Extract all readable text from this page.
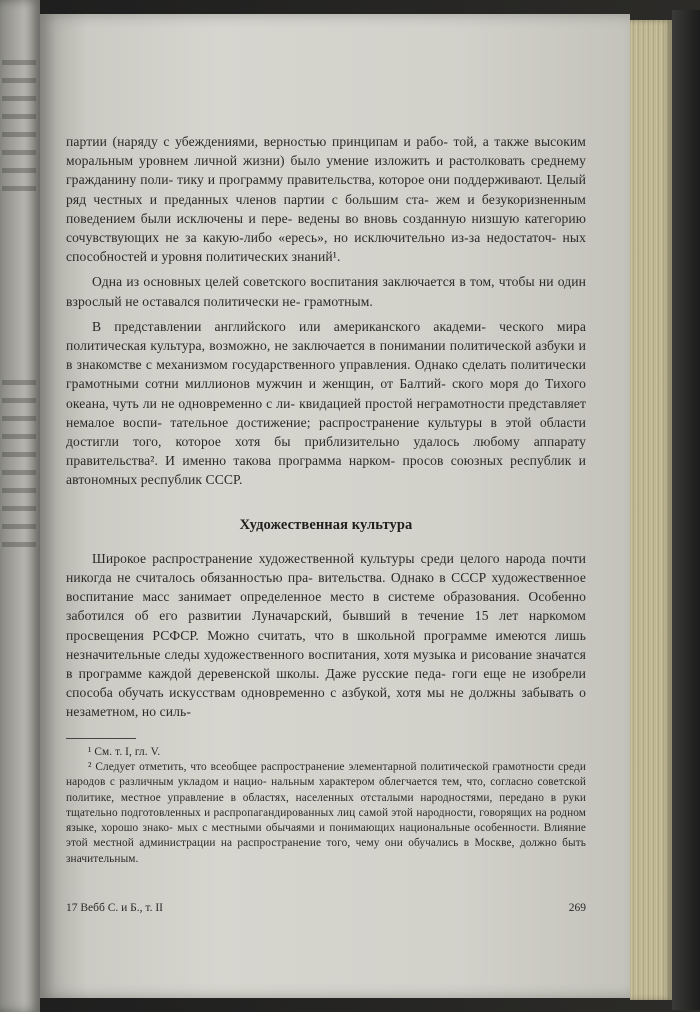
партии (наряду с убеждениями, верностью принципам и рабо- той, а также высоким моральным уровнем личной жизни) было умение изложить и растолковать среднему гражданину поли- тику и программу правительства, которое они поддерживают. Целый ряд честных и преданных членов партии с большим ста- жем и безукоризненным поведением были исключены и пере- ведены во вновь созданную низшую категорию сочувствующих не за какую-либо «ересь», но исключительно из-за недостаточ- ных способностей и уровня политических знаний¹.

Одна из основных целей советского воспитания заключается в том, чтобы ни один взрослый не оставался политически не- грамотным.

В представлении английского или американского академи- ческого мира политическая культура, возможно, не заключается в понимании политической азбуки и в знакомстве с механизмом государственного управления. Однако сделать политически грамотными сотни миллионов мужчин и женщин, от Балтий- ского моря до Тихого океана, чуть ли не одновременно с ли- квидацией простой неграмотности представляет немалое воспи- тательное достижение; распространение культуры в этой области достигли того, которое хотя бы приблизительно удалось любому аппарату правительства². И именно такова программа нарком- просов союзных республик и автономных республик СССР.

Художественная культура

Широкое распространение художественной культуры среди целого народа почти никогда не считалось обязанностью пра- вительства. Однако в СССР художественное воспитание масс занимает определенное место в системе образования. Особенно заботился об его развитии Луначарский, бывший в течение 15 лет наркомом просвещения РСФСР. Можно считать, что в школьной программе имеются лишь незначительные следы художественного воспитания, хотя музыка и рисование значатся в программе каждой деревенской школы. Даже русские педа- гоги еще не изобрели способа обучать искусствам одновременно с азбукой, хотя мы не должны забывать о незаметном, но силь-

¹ См. т. I, гл. V.

² Следует отметить, что всеобщее распространение элементарной политической грамотности среди народов с различным укладом и нацио- нальным характером облегчается тем, что, согласно советской политике, местное управление в областях, населенных отсталыми народностями, передано в руки тщательно подготовленных и распропагандированных лиц самой этой народности, говорящих на родном языке, хорошо знако- мых с местными обычаями и понимающих национальные особенности. Влияние этой местной администрации на распространение того, чему они обучались в Москве, должно быть значительным.

17 Вебб С. и Б., т. II	269
